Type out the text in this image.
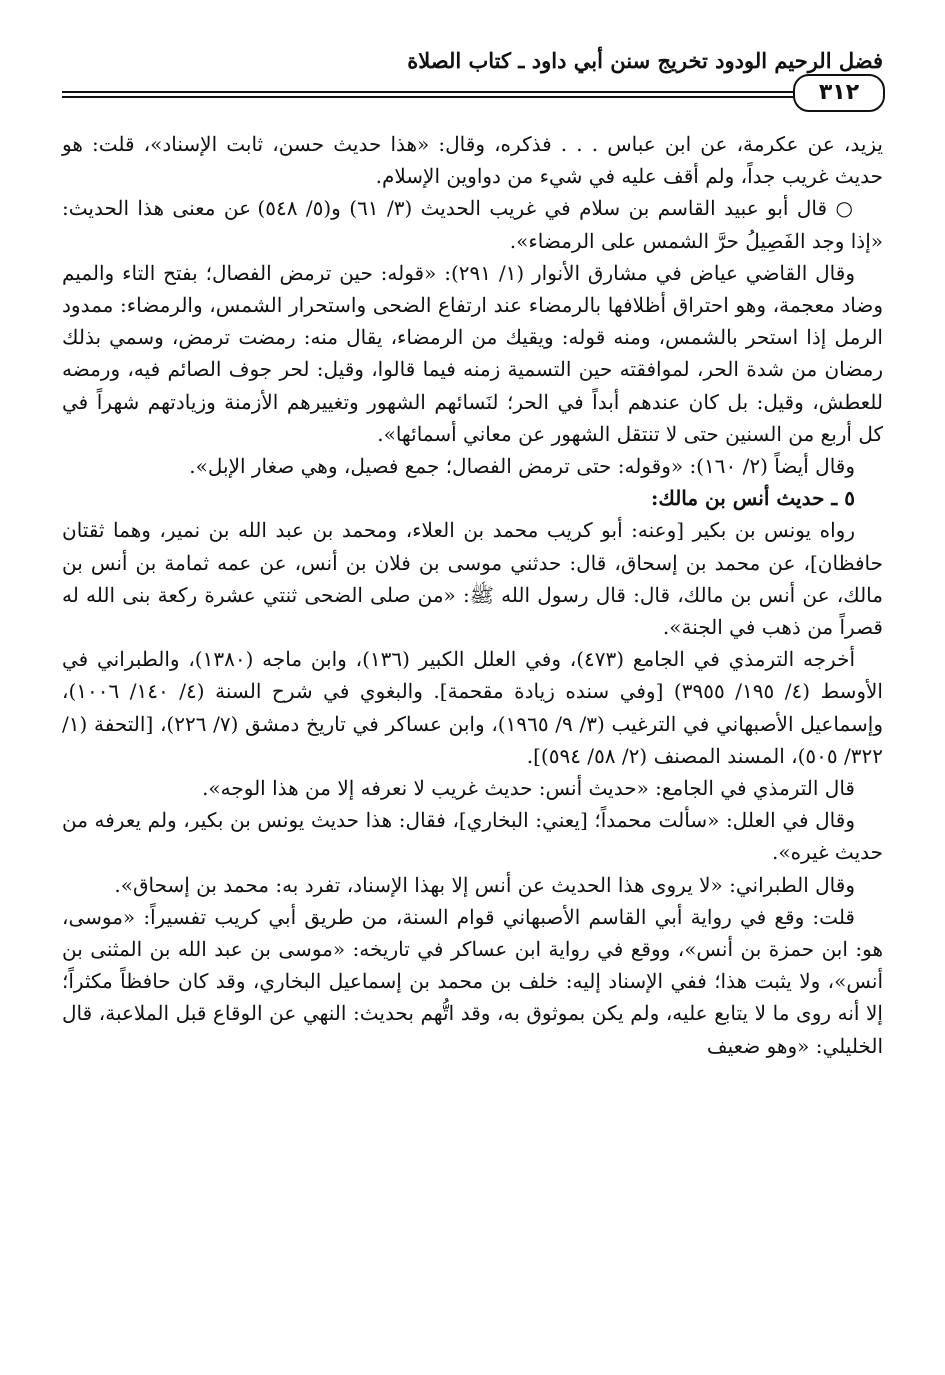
فضل الرحيم الودود تخريج سنن أبي داود ـ كتاب الصلاة
٣١٢

يزيد، عن عكرمة، عن ابن عباس . . . فذكره، وقال: «هذا حديث حسن، ثابت الإسناد»، قلت: هو حديث غريب جداً، ولم أقف عليه في شيء من دواوين الإسلام.

○ قال أبو عبيد القاسم بن سلام في غريب الحديث (٣/ ٦١) و(٥/ ٥٤٨) عن معنى هذا الحديث: «إذا وجد الفَصِيلُ حرَّ الشمس على الرمضاء».

وقال القاضي عياض في مشارق الأنوار (١/ ٢٩١): «قوله: حين ترمض الفصال؛ بفتح التاء والميم وضاد معجمة، وهو احتراق أظلافها بالرمضاء عند ارتفاع الضحى واستحرار الشمس، والرمضاء: ممدود الرمل إذا استحر بالشمس، ومنه قوله: ويقيك من الرمضاء، يقال منه: رمضت ترمض، وسمي بذلك رمضان من شدة الحر، لموافقته حين التسمية زمنه فيما قالوا، وقيل: لحر جوف الصائم فيه، ورمضه للعطش، وقيل: بل كان عندهم أبداً في الحر؛ لنَسائهم الشهور وتغييرهم الأزمنة وزيادتهم شهراً في كل أربع من السنين حتى لا تنتقل الشهور عن معاني أسمائها».

وقال أيضاً (٢/ ١٦٠): «وقوله: حتى ترمض الفصال؛ جمع فصيل، وهي صغار الإبل».

٥ ـ حديث أنس بن مالك:

رواه يونس بن بكير [وعنه: أبو كريب محمد بن العلاء، ومحمد بن عبد الله بن نمير، وهما ثقتان حافظان]، عن محمد بن إسحاق، قال: حدثني موسى بن فلان بن أنس، عن عمه ثمامة بن أنس بن مالك، عن أنس بن مالك، قال: قال رسول الله ﷺ: «من صلى الضحى ثنتي عشرة ركعة بنى الله له قصراً من ذهب في الجنة».

أخرجه الترمذي في الجامع (٤٧٣)، وفي العلل الكبير (١٣٦)، وابن ماجه (١٣٨٠)، والطبراني في الأوسط (٤/ ١٩٥/ ٣٩٥٥) [وفي سنده زيادة مقحمة]. والبغوي في شرح السنة (٤/ ١٤٠/ ١٠٠٦)، وإسماعيل الأصبهاني في الترغيب (٣/ ٩/ ١٩٦٥)، وابن عساكر في تاريخ دمشق (٧/ ٢٢٦)، [التحفة (١/ ٣٢٢/ ٥٠٥)، المسند المصنف (٢/ ٥٨/ ٥٩٤)].

قال الترمذي في الجامع: «حديث أنس: حديث غريب لا نعرفه إلا من هذا الوجه».

وقال في العلل: «سألت محمداً؛ [يعني: البخاري]، فقال: هذا حديث يونس بن بكير، ولم يعرفه من حديث غيره».

وقال الطبراني: «لا يروى هذا الحديث عن أنس إلا بهذا الإسناد، تفرد به: محمد بن إسحاق».

قلت: وقع في رواية أبي القاسم الأصبهاني قوام السنة، من طريق أبي كريب تفسيراً: «موسى، هو: ابن حمزة بن أنس»، ووقع في رواية ابن عساكر في تاريخه: «موسى بن عبد الله بن المثنى بن أنس»، ولا يثبت هذا؛ ففي الإسناد إليه: خلف بن محمد بن إسماعيل البخاري، وقد كان حافظاً مكثراً؛ إلا أنه روى ما لا يتابع عليه، ولم يكن بموثوق به، وقد اتُّهم بحديث: النهي عن الوقاع قبل الملاعبة، قال الخليلي: «وهو ضعيف
